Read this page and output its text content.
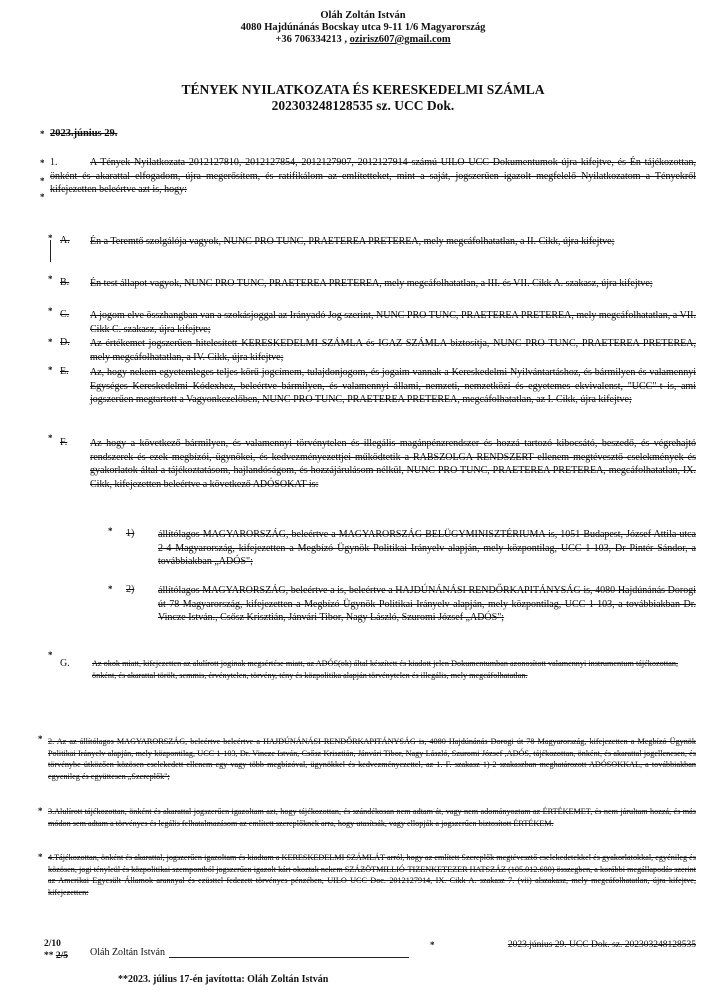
Oláh Zoltán István
4080 Hajdúnánás Bocskay utca 9-11 1/6 Magyarország
+36 706334213 , ozirisz607@gmail.com
TÉNYEK NYILATKOZATA ÉS KERESKEDELMI SZÁMLA
202303248128535 sz. UCC Dok.
* 2023.június 29.
*
*
*
1.	A Tények Nyilatkozata 2012127810, 2012127854, 2012127907, 2012127914 számú UILO UCC Dokumentumok újra kifejtve, és Én tájékozottan, önként és akarattal elfogadom, újra megerősítem, és ratifikálom az említetteket, mint a saját, jogszerűen igazolt megfelelő Nyilatkozatom a Tényekről kifejezetten beleértve azt is, hogy:
* A. Én a Teremtő szolgálója vagyok, NUNC PRO TUNC, PRAETEREA PRETEREA, mely megcáfolhatatlan, a II. Cikk, újra kifejtve;
* B. Én test állapot vagyok, NUNC PRO TUNC, PRAETEREA PRETEREA, mely megcáfolhatatlan, a III. és VII. Cikk A. szakasz, újra kifejtve;
* C. A jogom elve összhangban van a szokásjoggal az Irányadó Jog szerint, NUNC PRO TUNC, PRAETEREA PRETEREA, mely megcáfolhatatlan, a VII. Cikk C. szakasz, újra kifejtve;
* D. Az értékemet jogszerűen hitelesített KERESKEDELMI SZÁMLA és IGAZ SZÁMLA biztosítja, NUNC PRO TUNC, PRAETEREA PRETEREA, mely megcáfolhatatlan, a IV. Cikk, újra kifejtve;
* E. Az, hogy nekem egyetemleges teljes körű jogcímem, tulajdonjogom, és jogaim vannak a Kereskedelmi Nyilvántartáshoz, és bármilyen és valamennyi Egységes Kereskedelmi Kódexhez, beleértve bármilyen, és valamennyi állami, nemzeti, nemzetközi és egyetemes ekvivalenst, "UCC"-t is, ami jogszerűen megtartott a Vagyonkezelőben, NUNC PRO TUNC, PRAETEREA PRETEREA, megcáfolhatatlan, az I. Cikk, újra kifejtve;
* F. Az hogy a következő bármilyen, és valamennyi törvénytelen és illegális magánpénzrendszer és hozzá tartozó kibocsátó, beszedő, és végrehajtó rendszerek és ezek megbízói, ügynökei, és kedvezményezettjei működtetik a RABSZOLGA RENDSZERT ellenem megtévesztő cselekmények és gyakorlatok által a tájékoztatásom, hajlandóságom, és hozzájárulásom nélkül, NUNC PRO TUNC, PRAETEREA PRETEREA, megcáfolhatatlan, IX. Cikk, kifejezetten beleértve a következő ADÓSOKAT is:
* 1) állítólagos MAGYARORSZÁG, beleértve a MAGYARORSZÁG BELÜGYMINISZTÉRIUMA is, 1051 Budapest, József Attila utca 2-4 Magyarország, kifejezetten a Megbízó Ügynök Politikai Irányelv alapján, mely központilag, UCC 1-103, Dr Pintér Sándor, a továbbiakban „ADÓS";
* 2) állítólagos MAGYARORSZÁG, beleértve a is, beleértve a HAJDÚNÁNÁSI RENDŐRKAPITÁNYSÁG is, 4080 Hajdúnánás Dorogi út 78 Magyarország, kifejezetten a Megbízó Ügynök Politikai Irányelv alapján, mely központilag, UCC 1-103, a továbbiakban Dr. Vincze István., Csősz Krisztián, Jánvári Tibor, Nagy László, Szuromi József „ADÓS";
*
G.	Az okok miatt, kifejezetten az alulírott joginak megsértése miatt, az ADÓS(ok) által készített és kiadott jelen Dokumentumban azonosított valamennyi instrumentum tájékozottan, önként, és akarattal törölt, semmis, érvénytelen, törvény, tény és közpolitika alapján törvénytelen és illegális, mely megcáfolhatatlan.
* 2. Az az állítólagos MAGYARORSZÁG, beleértve beleértve a HAJDÚNÁNÁSI RENDŐRKAPITÁNYSÁG is, 4080 Hajdúnánás Dorogi út 78 Magyarország, kifejezetten a Megbízó Ügynök Politikai Irányelv alapján, mely központilag, UCC 1-103, Dr. Vincze István, Csősz Krisztián, Jánvári Tibor, Nagy László, Szuromi József ,ADÓS, tájékozottan, önként, és akarattal jogellenesen, és törvénybe ütközően közösen cselekedett ellenem egy vagy több megbízóval, ügynökkel és kedvezményezettel, az 1. F. szakasz 1)-2 szakaszban meghatározott ADÓSOKKAL, a továbbiakban egyenileg és együttesen „Szereplők";
* 3.Alulírott tájékozottan, önként és akarattal jogszerűen igazoltam azt, hogy tájékozottan, és szándékosan nem adtam át, vagy nem adományoztam az ÉRTÉKEMET, és nem járultam hozzá, és más módon sem adtam a törvényes és legális felhatalmazásom az említett szereplőknek arra, hogy utasítsák, vagy ellopják a jogszerűen biztosított ÉRTÉKEM.
* 4.Tájékozottan, önként és akarattal, jogszerűen igazoltam és kiadtam a KERESKEDELMI SZÁMLÁT arról, hogy az említett Szereplők megtévesztő cselekedetekkel és gyakorlatokkal, egyénileg és közösen, jogi tényleül és közpolitikai szempontból jogszerűen igazolt kárt okoztak nekem SZÁZÖTMILLIÓ-TIZENKETEZER HATSZÁZ (105.012.600) összegben, a korábbi megállapodás szerint az Amerikai Egyesült Államok arannyal és ezüsttel fedezett törvényes pénzében, UILO UCC Doc. 2012127914, IX. Cikk A. szakasz 7. (vii) alszakasz, mely megcáfolhatatlan, újra kifejtve, kifejezetten:
2/10
** 2/5 Oláh Zoltán István
*	2023.június 29. UCC Dok. sz. 202303248128535
**2023. július 17-én javította: Oláh Zoltán István
